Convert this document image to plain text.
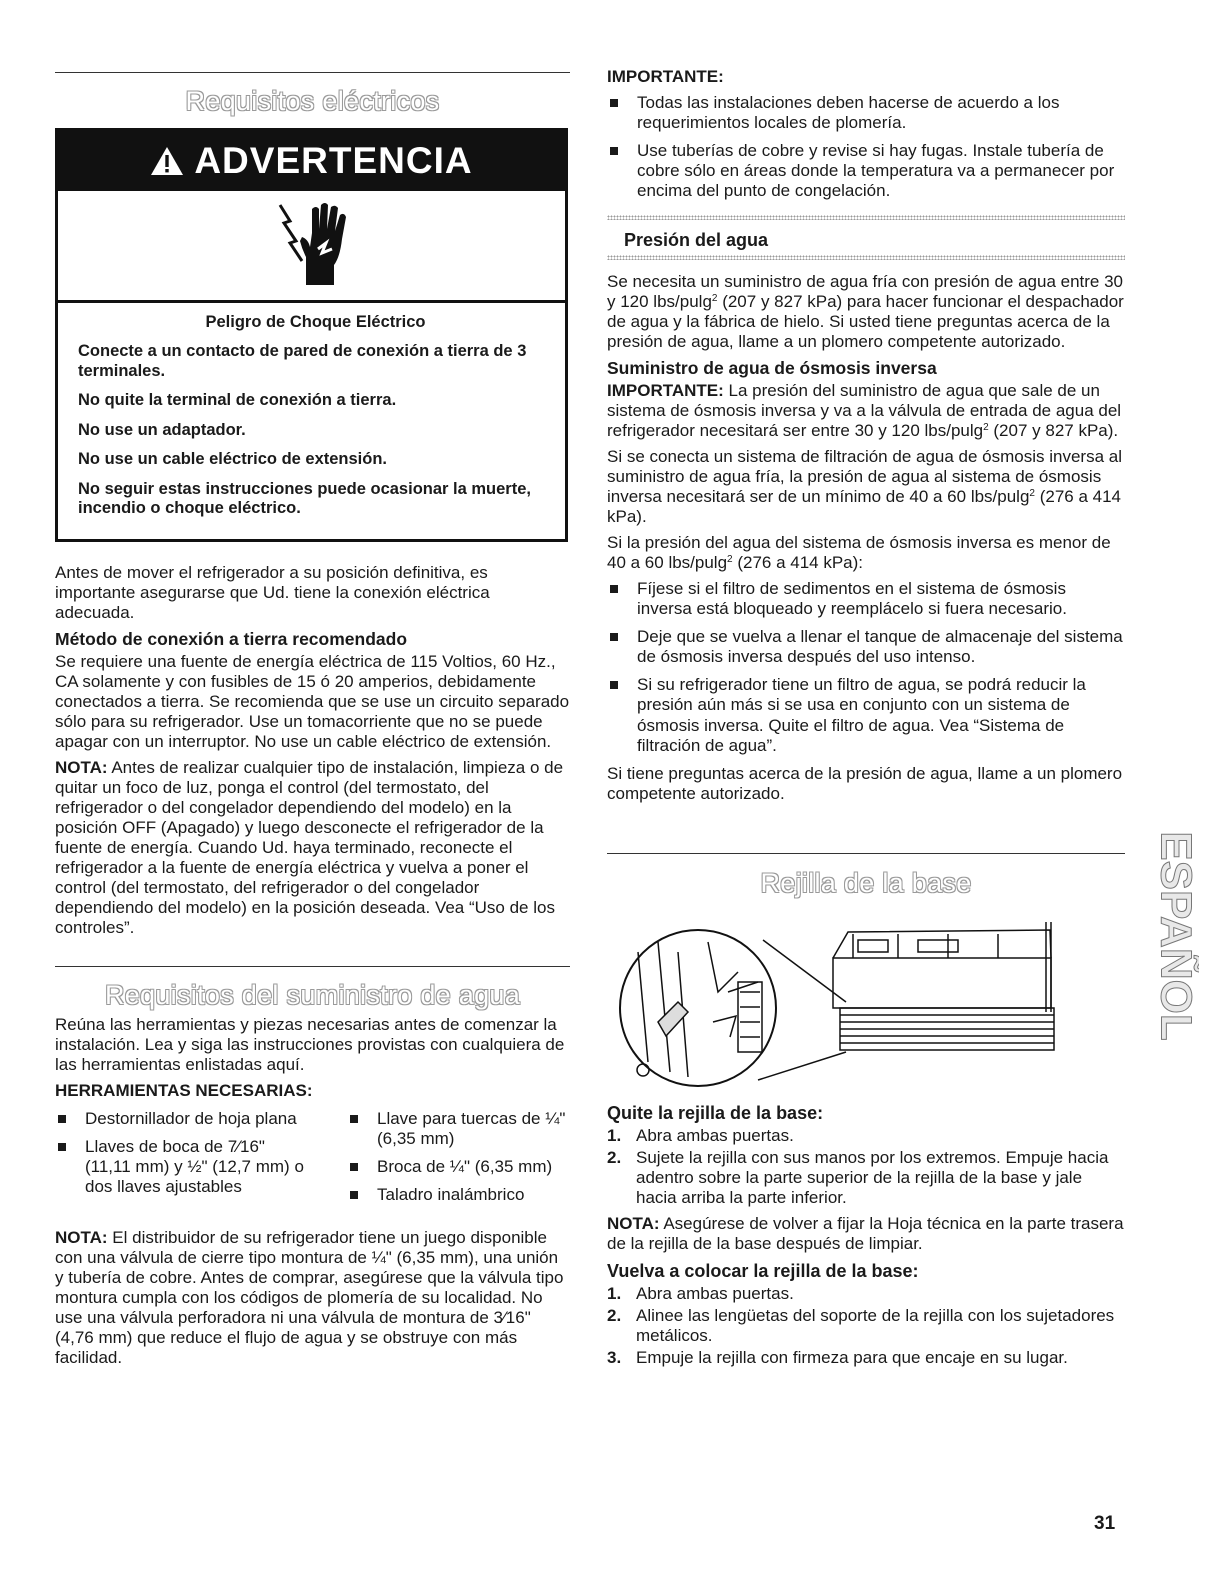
Requisitos eléctricos
ADVERTENCIA
Peligro de Choque Eléctrico
Conecte a un contacto de pared de conexión a tierra de 3 terminales.
No quite la terminal de conexión a tierra.
No use un adaptador.
No use un cable eléctrico de extensión.
No seguir estas instrucciones puede ocasionar la muerte, incendio o choque eléctrico.
Antes de mover el refrigerador a su posición definitiva, es importante asegurarse que Ud. tiene la conexión eléctrica adecuada.
Método de conexión a tierra recomendado
Se requiere una fuente de energía eléctrica de 115 Voltios, 60 Hz., CA solamente y con fusibles de 15 ó 20 amperios, debidamente conectados a tierra. Se recomienda que se use un circuito separado sólo para su refrigerador. Use un tomacorriente que no se puede apagar con un interruptor. No use un cable eléctrico de extensión.
NOTA: Antes de realizar cualquier tipo de instalación, limpieza o de quitar un foco de luz, ponga el control (del termostato, del refrigerador o del congelador dependiendo del modelo) en la posición OFF (Apagado) y luego desconecte el refrigerador de la fuente de energía. Cuando Ud. haya terminado, reconecte el refrigerador a la fuente de energía eléctrica y vuelva a poner el control (del termostato, del refrigerador o del congelador dependiendo del modelo) en la posición deseada. Vea “Uso de los controles”.
Requisitos del suministro de agua
Reúna las herramientas y piezas necesarias antes de comenzar la instalación. Lea y siga las instrucciones provistas con cualquiera de las herramientas enlistadas aquí.
HERRAMIENTAS NECESARIAS:
Destornillador de hoja plana
Llaves de boca de 7⁄16" (11,11 mm) y ½" (12,7 mm) o dos llaves ajustables
Llave para tuercas de ¼" (6,35 mm)
Broca de ¼" (6,35 mm)
Taladro inalámbrico
NOTA: El distribuidor de su refrigerador tiene un juego disponible con una válvula de cierre tipo montura de ¼" (6,35 mm), una unión y tubería de cobre. Antes de comprar, asegúrese que la válvula tipo montura cumpla con los códigos de plomería de su localidad. No use una válvula perforadora ni una válvula de montura de 3⁄16" (4,76 mm) que reduce el flujo de agua y se obstruye con más facilidad.
IMPORTANTE:
Todas las instalaciones deben hacerse de acuerdo a los requerimientos locales de plomería.
Use tuberías de cobre y revise si hay fugas. Instale tubería de cobre sólo en áreas donde la temperatura va a permanecer por encima del punto de congelación.
Presión del agua
Se necesita un suministro de agua fría con presión de agua entre 30 y 120 lbs/pulg$^2$ (207 y 827 kPa) para hacer funcionar el despachador de agua y la fábrica de hielo. Si usted tiene preguntas acerca de la presión de agua, llame a un plomero competente autorizado.
Suministro de agua de ósmosis inversa
IMPORTANTE: La presión del suministro de agua que sale de un sistema de ósmosis inversa y va a la válvula de entrada de agua del refrigerador necesitará ser entre 30 y 120 lbs/pulg$^2$ (207 y 827 kPa).
Si se conecta un sistema de filtración de agua de ósmosis inversa al suministro de agua fría, la presión de agua al sistema de ósmosis inversa necesitará ser de un mínimo de 40 a 60 lbs/pulg$^2$ (276 a 414 kPa).
Si la presión del agua del sistema de ósmosis inversa es menor de 40 a 60 lbs/pulg$^2$ (276 a 414 kPa):
Fíjese si el filtro de sedimentos en el sistema de ósmosis inversa está bloqueado y reemplácelo si fuera necesario.
Deje que se vuelva a llenar el tanque de almacenaje del sistema de ósmosis inversa después del uso intenso.
Si su refrigerador tiene un filtro de agua, se podrá reducir la presión aún más si se usa en conjunto con un sistema de ósmosis inversa. Quite el filtro de agua. Vea “Sistema de filtración de agua”.
Si tiene preguntas acerca de la presión de agua, llame a un plomero competente autorizado.
Rejilla de la base
Quite la rejilla de la base:
1. Abra ambas puertas.
2. Sujete la rejilla con sus manos por los extremos. Empuje hacia adentro sobre la parte superior de la rejilla de la base y jale hacia arriba la parte inferior.
NOTA: Asegúrese de volver a fijar la Hoja técnica en la parte trasera de la rejilla de la base después de limpiar.
Vuelva a colocar la rejilla de la base:
1. Abra ambas puertas.
2. Alinee las lengüetas del soporte de la rejilla con los sujetadores metálicos.
3. Empuje la rejilla con firmeza para que encaje en su lugar.
ESPAÑOL
31
